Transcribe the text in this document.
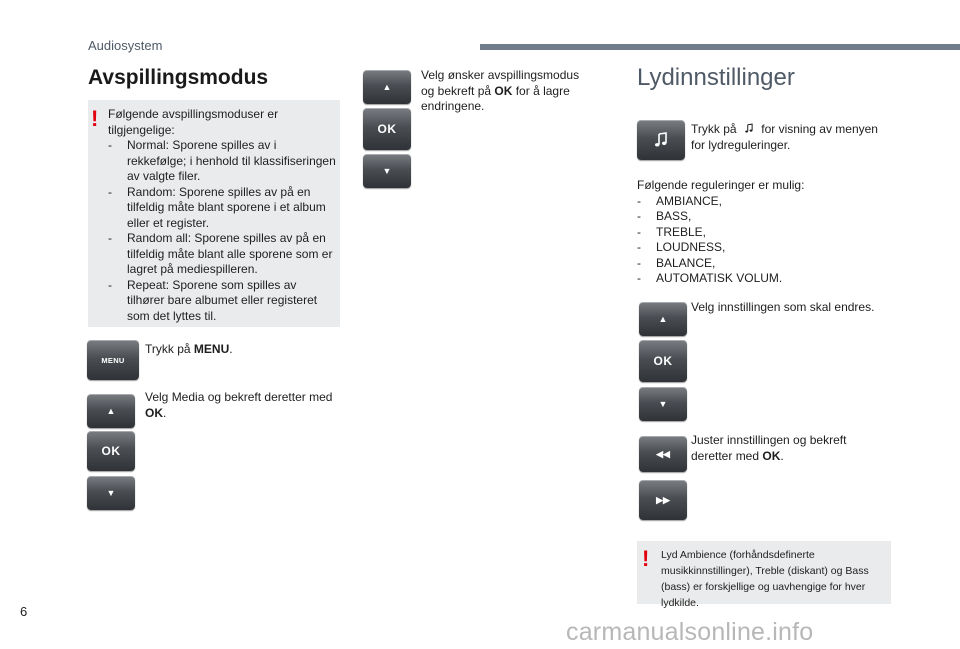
Audiosystem
Avspillingsmodus
! Følgende avspillingsmoduser er tilgjengelige:
- Normal: Sporene spilles av i rekkefølge; i henhold til klassifiseringen av valgte filer.
- Random: Sporene spilles av på en tilfeldig måte blant sporene i et album eller et register.
- Random all: Sporene spilles av på en tilfeldig måte blant alle sporene som er lagret på mediespilleren.
- Repeat: Sporene som spilles av tilhører bare albumet eller registeret som det lyttes til.
MENU
Trykk på MENU.
▲
OK
▼
Velg Media og bekreft deretter med OK.
▲
OK
▼
Velg ønsker avspillingsmodus og bekreft på OK for å lagre endringene.
Lydinnstillinger
Trykk på  for visning av menyen for lydreguleringer.
Følgende reguleringer er mulig:
- AMBIANCE,
- BASS,
- TREBLE,
- LOUDNESS,
- BALANCE,
- AUTOMATISK VOLUM.
▲
OK
▼
Velg innstillingen som skal endres.
◀◀
▶▶
Juster innstillingen og bekreft deretter med OK.
! Lyd Ambience (forhåndsdefinerte musikkinnstillinger), Treble (diskant) og Bass (bass) er forskjellige og uavhengige for hver lydkilde.
6
carmanualsonline.info
